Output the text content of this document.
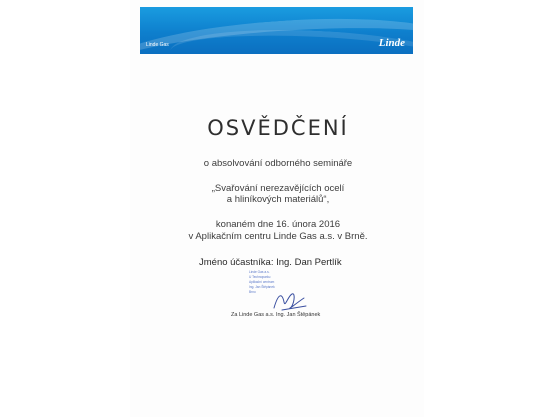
Linde Gas	Linde
OSVĚDČENÍ
o absolvování odborného semináře
„Svařování nerezavějících ocelí
a hliníkových materiálů“,
konaném dne 16. února 2016
v Aplikačním centru Linde Gas a.s. v Brně.
Jméno účastníka: Ing. Dan Pertlík
Linde Gas a.s.
U Technoparku
Aplikační centrum
Ing. Jan Štěpánek
Brno
Za Linde Gas a.s. Ing. Jan Štěpánek
